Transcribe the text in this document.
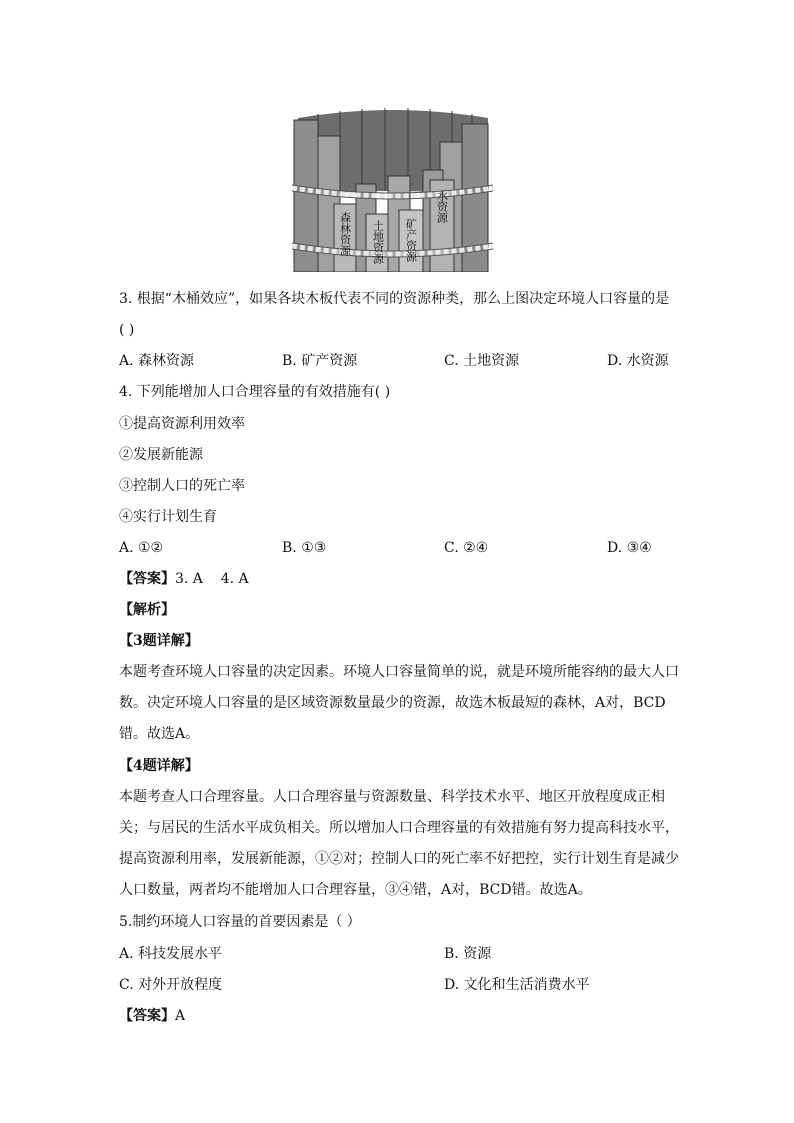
森林资源 土地资源 矿产资源
水资源
3. 根据“木桶效应”，如果各块木板代表不同的资源种类，那么上图决定环境人口容量的是
( )
A. 森林资源	B. 矿产资源	C. 土地资源	D. 水资源
4. 下列能增加人口合理容量的有效措施有( )
①提高资源利用效率
②发展新能源
③控制人口的死亡率
④实行计划生育
A. ①②	B. ①③	C. ②④	D. ③④
【答案】3. A    4. A
【解析】
【3题详解】
本题考查环境人口容量的决定因素。环境人口容量简单的说，就是环境所能容纳的最大人口数。决定环境人口容量的是区域资源数量最少的资源，故选木板最短的森林，A对，BCD错。故选A。
【4题详解】
本题考查人口合理容量。人口合理容量与资源数量、科学技术水平、地区开放程度成正相关；与居民的生活水平成负相关。所以增加人口合理容量的有效措施有努力提高科技水平，提高资源利用率，发展新能源，①②对；控制人口的死亡率不好把控，实行计划生育是减少人口数量，两者均不能增加人口合理容量，③④错，A对，BCD错。故选A。
5.制约环境人口容量的首要因素是（ ）
A. 科技发展水平	B. 资源
C. 对外开放程度	D. 文化和生活消费水平
【答案】A
